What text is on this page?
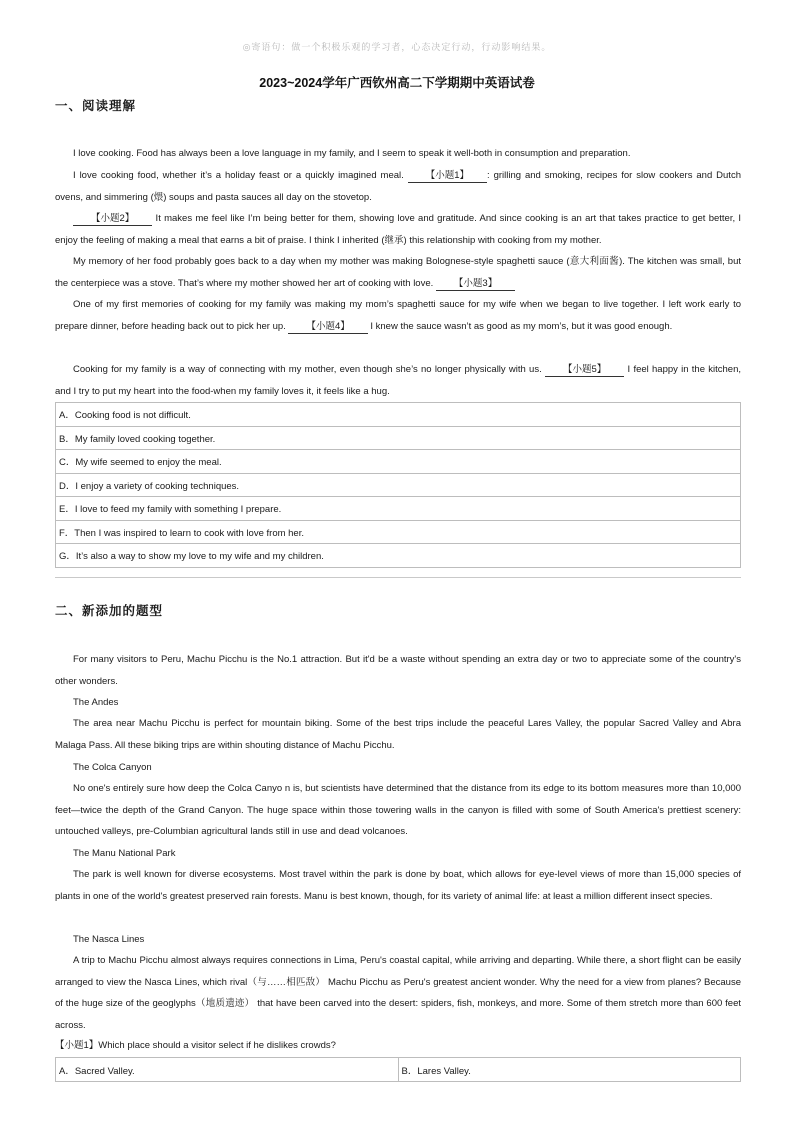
◎寄语句：做一个积极乐观的学习者，心态决定行动，行动影响结果。
2023~2024学年广西钦州高二下学期期中英语试卷
一、阅读理解

I love cooking. Food has always been a love language in my family, and I seem to speak it well-both in consumption and preparation.

I love cooking food, whether it’s a holiday feast or a quickly imagined meal. 【小题1】 : grilling and smoking, recipes for slow cookers and Dutch ovens, and simmering (煨) soups and pasta sauces all day on the stovetop.

【小题2】 It makes me feel like I’m being better for them, showing love and gratitude. And since cooking is an art that takes practice to get better, I enjoy the feeling of making a meal that earns a bit of praise. I think I inherited (继承) this relationship with cooking from my mother.

My memory of her food probably goes back to a day when my mother was making Bolognese-style spaghetti sauce (意大利面酱). The kitchen was small, but the centerpiece was a stove. That’s where my mother showed her art of cooking with love. 【小题3】

One of my first memories of cooking for my family was making my mom’s spaghetti sauce for my wife when we began to live together. I left work early to prepare dinner, before heading back out to pick her up. 【小题4】 I knew the sauce wasn’t as good as my mom’s, but it was good enough.

Cooking for my family is a way of connecting with my mother, even though she’s no longer physically with us. 【小题5】 I feel happy in the kitchen, and I try to put my heart into the food-when my family loves it, it feels like a hug.

A．Cooking food is not difficult.
B．My family loved cooking together.
C．My wife seemed to enjoy the meal.
D．I enjoy a variety of cooking techniques.
E．I love to feed my family with something I prepare.
F．Then I was inspired to learn to cook with love from her.
G．It’s also a way to show my love to my wife and my children.
二、新添加的题型

For many visitors to Peru, Machu Picchu is the No.1 attraction. But it'd be a waste without spending an extra day or two to appreciate some of the country's other wonders.

The Andes

The area near Machu Picchu is perfect for mountain biking. Some of the best trips include the peaceful Lares Valley, the popular Sacred Valley and Abra Malaga Pass. All these biking trips are within shouting distance of Machu Picchu.

The Colca Canyon

No one's entirely sure how deep the Colca Canyo n is, but scientists have determined that the distance from its edge to its bottom measures more than 10,000 feet—twice the depth of the Grand Canyon. The huge space within those towering walls in the canyon is filled with some of South America's prettiest scenery: untouched valleys, pre-Columbian agricultural lands still in use and dead volcanoes.

The Manu National Park

The park is well known for diverse ecosystems. Most travel within the park is done by boat, which allows for eye-level views of more than 15,000 species of plants in one of the world's greatest preserved rain forests. Manu is best known, though, for its variety of animal life: at least a million different insect species.

The Nasca Lines

A trip to Machu Picchu almost always requires connections in Lima, Peru's coastal capital, while arriving and departing. While there, a short flight can be easily arranged to view the Nasca Lines, which rival（与……相匹敌） Machu Picchu as Peru's greatest ancient wonder. Why the need for a view from planes? Because of the huge size of the geoglyphs（地质遗迹） that have been carved into the desert: spiders, fish, monkeys, and more. Some of them stretch more than 600 feet across.

【小题1】Which place should a visitor select if he dislikes crowds?
A．Sacred Valley.	B．Lares Valley.
